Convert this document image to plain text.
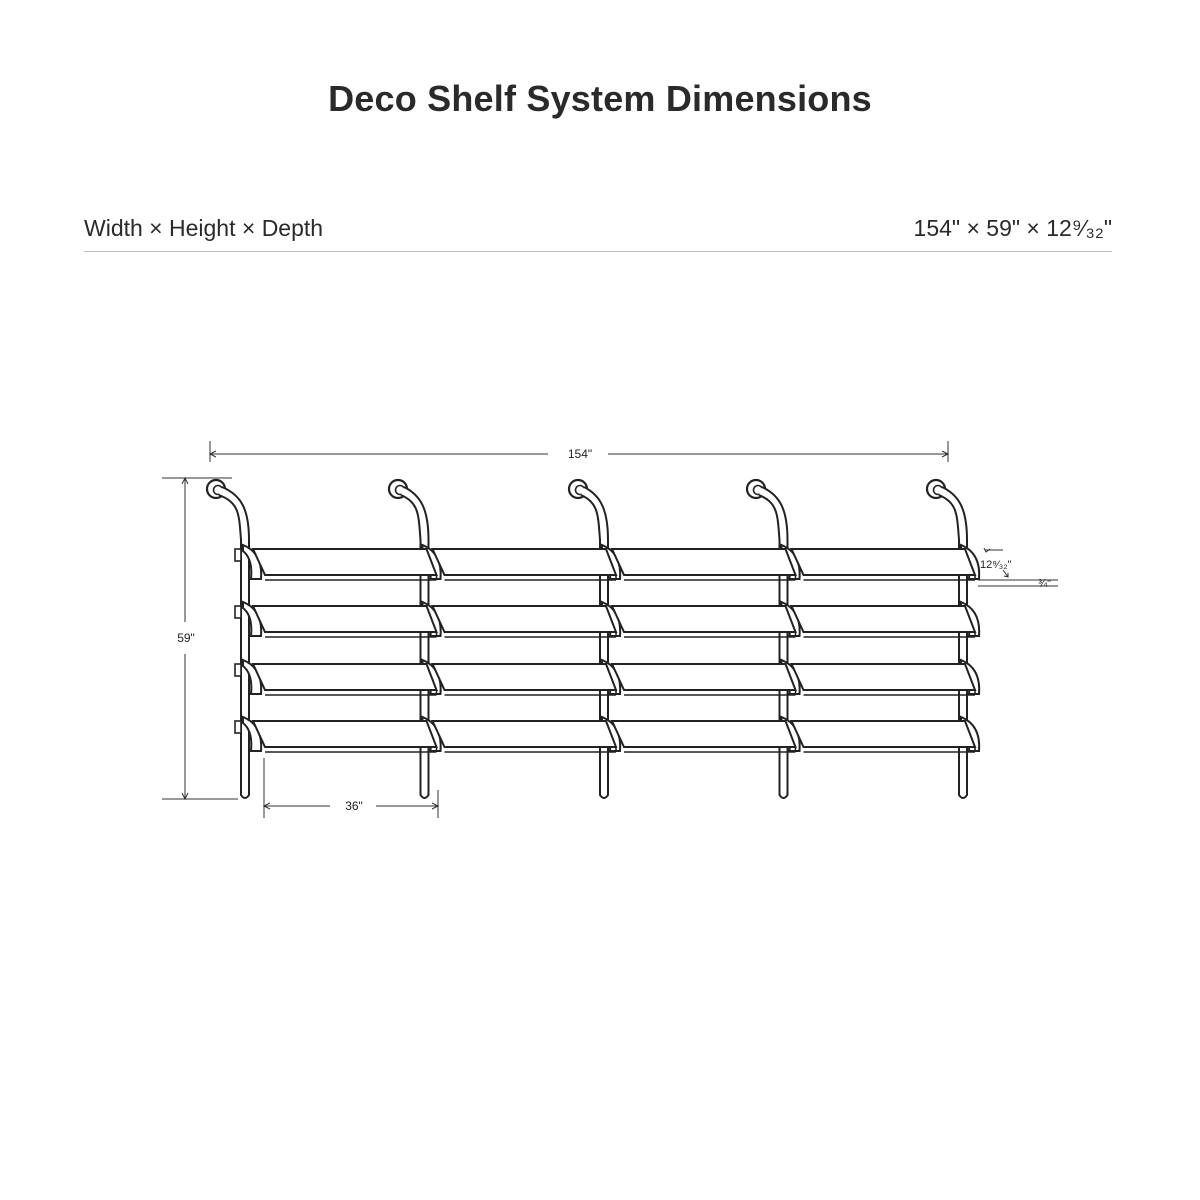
Deco Shelf System Dimensions
Width × Height × Depth	154" × 59" × 12⁹⁄₃₂"
154"
59"
36"
12⁹⁄₃₂"
¾"
